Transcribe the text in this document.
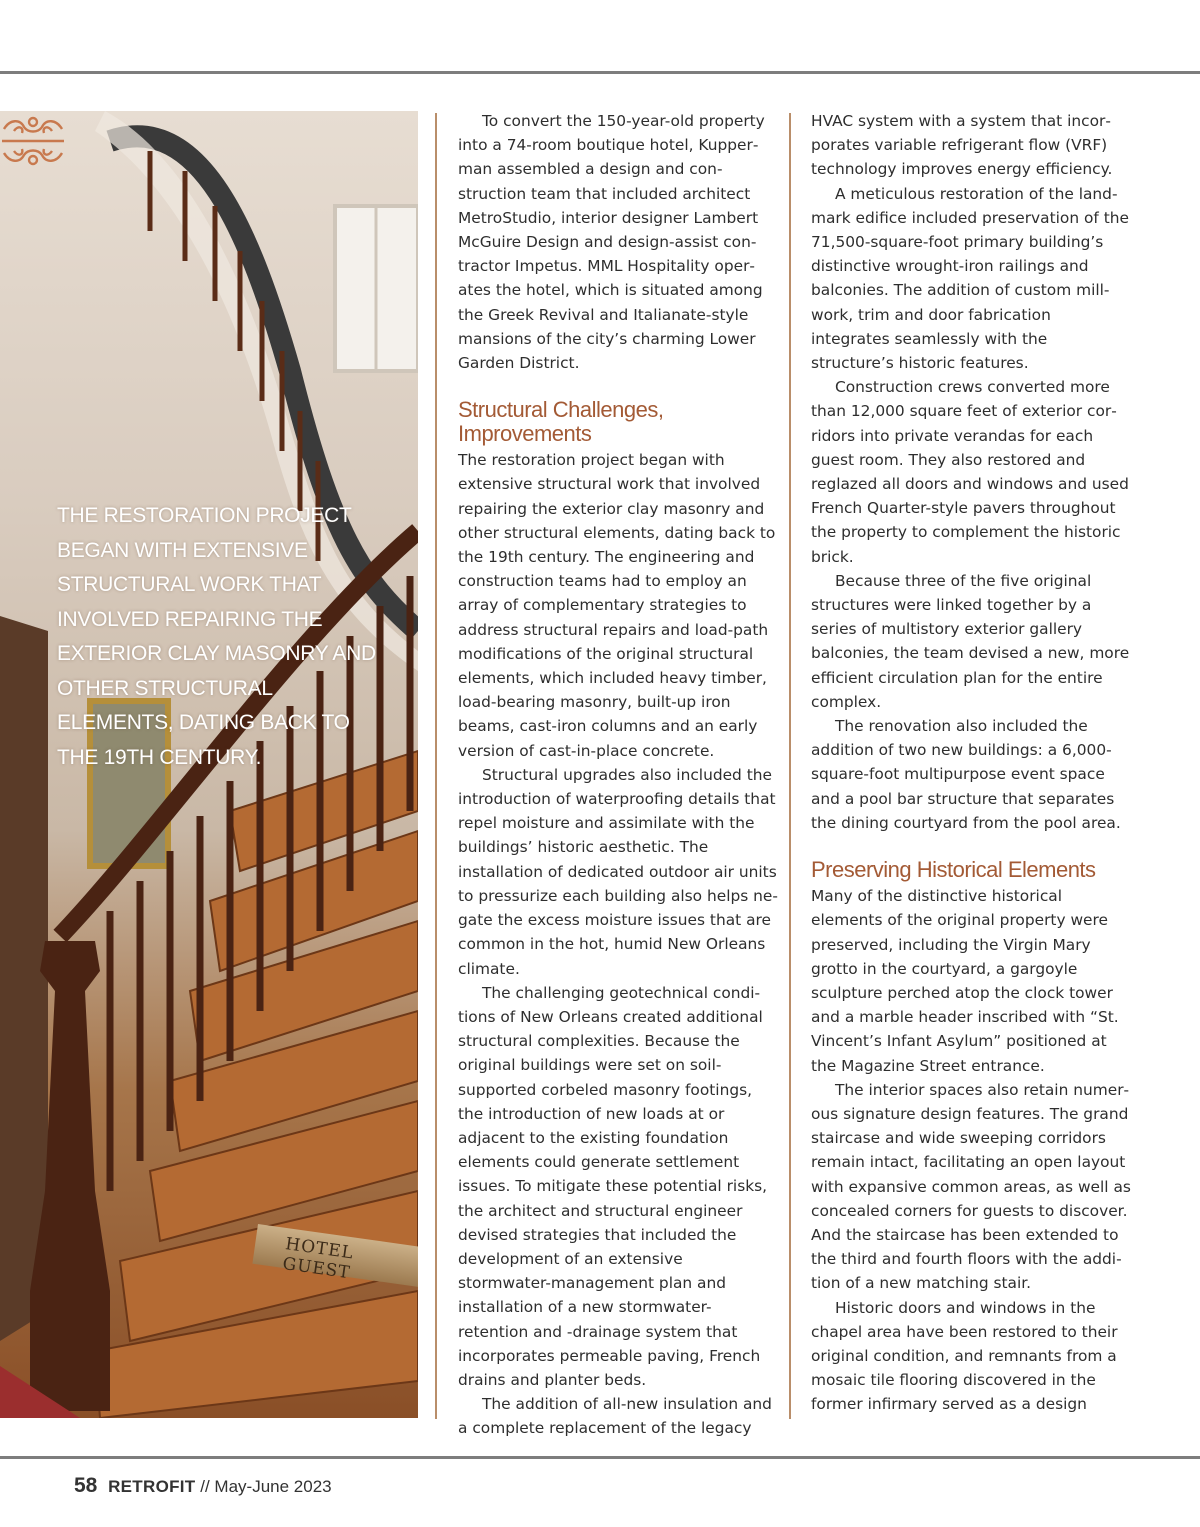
THE RESTORATION PROJECT BEGAN WITH EXTENSIVE STRUCTURAL WORK THAT INVOLVED REPAIRING THE EXTERIOR CLAY MASONRY AND OTHER STRUCTURAL ELEMENTS, DATING BACK TO THE 19TH CENTURY.
HOTEL GUEST

To convert the 150-year-old property into a 74-room boutique hotel, Kupperman assembled a design and construction team that included architect MetroStudio, interior designer Lambert McGuire Design and design-assist contractor Impetus. MML Hospitality operates the hotel, which is situated among the Greek Revival and Italianate-style mansions of the city’s charming Lower Garden District.

Structural Challenges, Improvements

The restoration project began with extensive structural work that involved repairing the exterior clay masonry and other structural elements, dating back to the 19th century. The engineering and construction teams had to employ an array of complementary strategies to address structural repairs and load-path modifications of the original structural elements, which included heavy timber, load-bearing masonry, built-up iron beams, cast-iron columns and an early version of cast-in-place concrete.

Structural upgrades also included the introduction of waterproofing details that repel moisture and assimilate with the buildings’ historic aesthetic. The installation of dedicated outdoor air units to pressurize each building also helps negate the excess moisture issues that are common in the hot, humid New Orleans climate.

The challenging geotechnical conditions of New Orleans created additional structural complexities. Because the original buildings were set on soil-supported corbeled masonry footings, the introduction of new loads at or adjacent to the existing foundation elements could generate settlement issues. To mitigate these potential risks, the architect and structural engineer devised strategies that included the development of an extensive stormwater-management plan and installation of a new stormwater-retention and -drainage system that incorporates permeable paving, French drains and planter beds.

The addition of all-new insulation and a complete replacement of the legacy

HVAC system with a system that incorporates variable refrigerant flow (VRF) technology improves energy efficiency.

A meticulous restoration of the landmark edifice included preservation of the 71,500-square-foot primary building’s distinctive wrought-iron railings and balconies. The addition of custom millwork, trim and door fabrication integrates seamlessly with the structure’s historic features.

Construction crews converted more than 12,000 square feet of exterior corridors into private verandas for each guest room. They also restored and reglazed all doors and windows and used French Quarter-style pavers throughout the property to complement the historic brick.

Because three of the five original structures were linked together by a series of multistory exterior gallery balconies, the team devised a new, more efficient circulation plan for the entire complex.

The renovation also included the addition of two new buildings: a 6,000-square-foot multipurpose event space and a pool bar structure that separates the dining courtyard from the pool area.

Preserving Historical Elements

Many of the distinctive historical elements of the original property were preserved, including the Virgin Mary grotto in the courtyard, a gargoyle sculpture perched atop the clock tower and a marble header inscribed with “St. Vincent’s Infant Asylum” positioned at the Magazine Street entrance.

The interior spaces also retain numerous signature design features. The grand staircase and wide sweeping corridors remain intact, facilitating an open layout with expansive common areas, as well as concealed corners for guests to discover. And the staircase has been extended to the third and fourth floors with the addition of a new matching stair.

Historic doors and windows in the chapel area have been restored to their original condition, and remnants from a mosaic tile flooring discovered in the former infirmary served as a design

58 RETROFIT // May-June 2023
